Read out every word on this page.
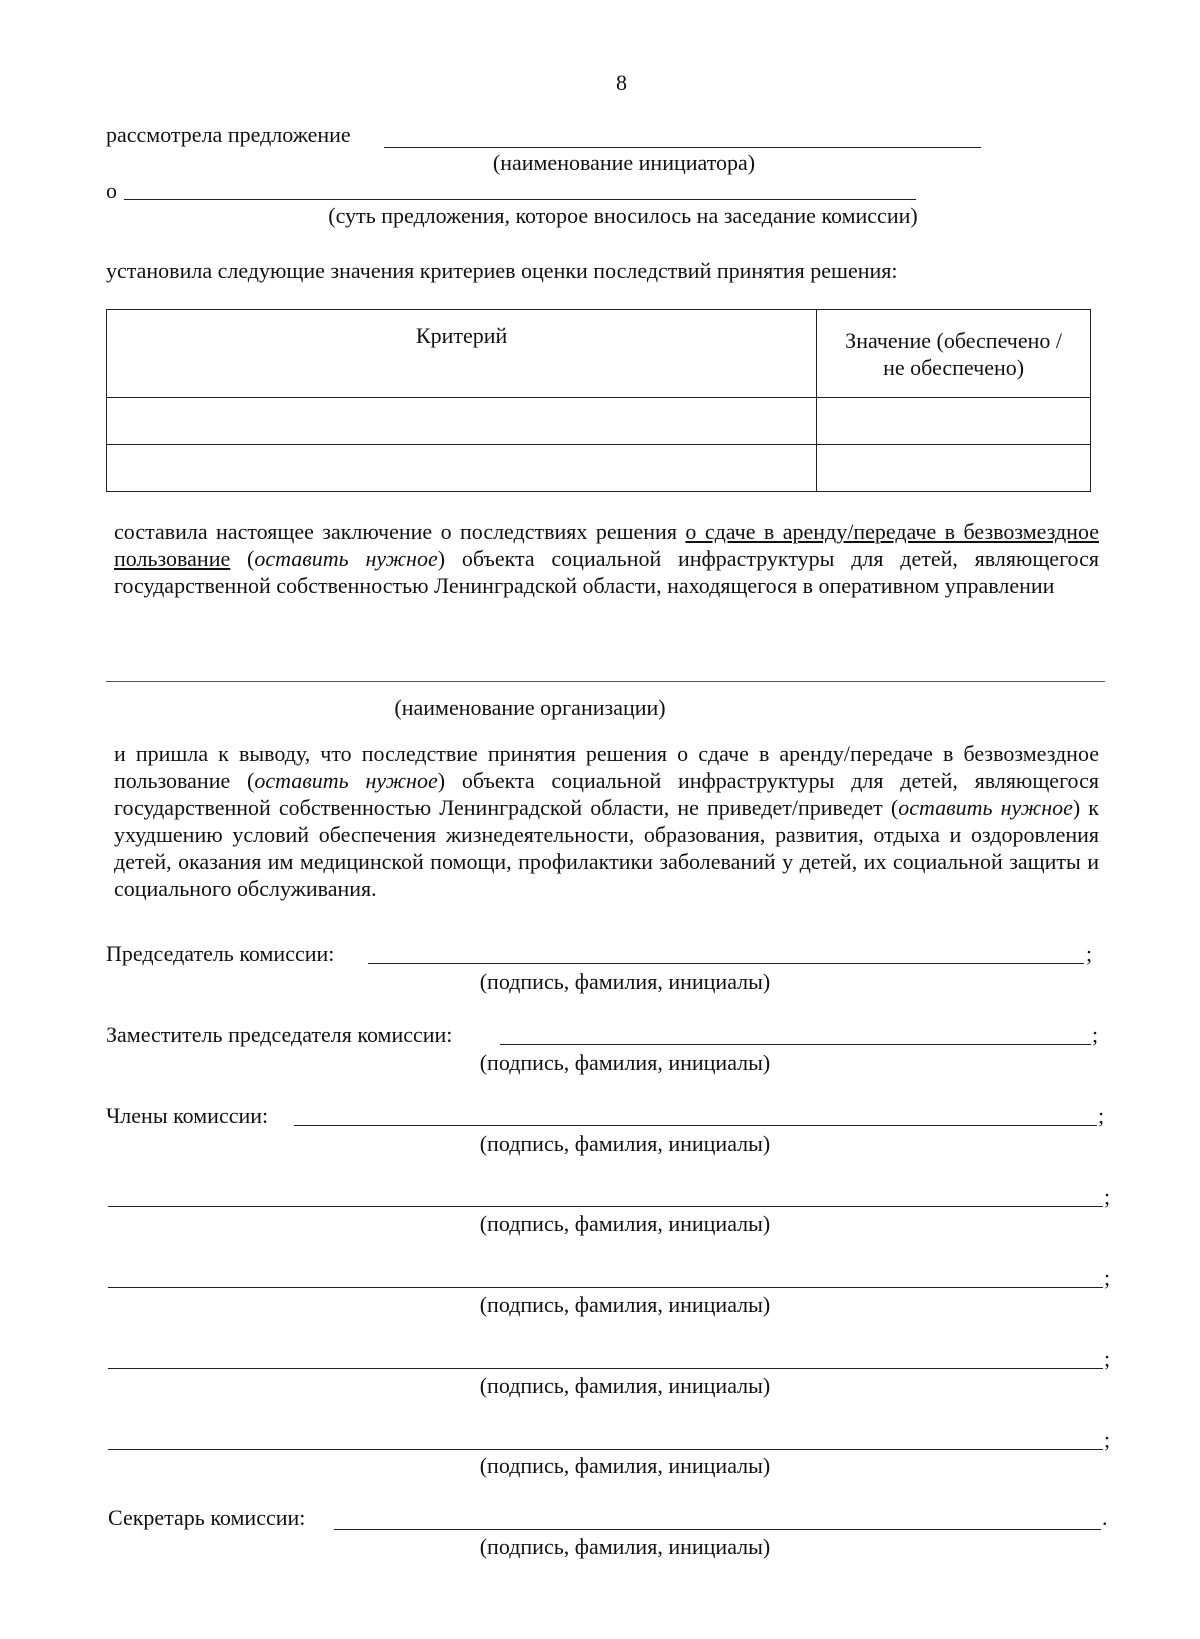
8
рассмотрела предложение
(наименование инициатора)
о
(суть предложения, которое вносилось на заседание комиссии)
установила следующие значения критериев оценки последствий принятия решения:
Критерий	Значение (обеспечено /
не обеспечено)

составила настоящее заключение о последствиях решения о сдаче в аренду/передаче в безвозмездное пользование (оставить нужное) объекта социальной инфраструктуры для детей, являющегося государственной собственностью Ленинградской области, находящегося в оперативном управлении
(наименование организации)
и пришла к выводу, что последствие принятия решения о сдаче в аренду/передаче в безвозмездное пользование (оставить нужное) объекта социальной инфраструктуры для детей, являющегося государственной собственностью Ленинградской области, не приведет/приведет (оставить нужное) к ухудшению условий обеспечения жизнедеятельности, образования, развития, отдыха и оздоровления детей, оказания им медицинской помощи, профилактики заболеваний у детей, их социальной защиты и социального обслуживания.
Председатель комиссии:	;
(подпись, фамилия, инициалы)
Заместитель председателя комиссии:	;
(подпись, фамилия, инициалы)
Члены комиссии:	;
(подпись, фамилия, инициалы)
;
(подпись, фамилия, инициалы)
;
(подпись, фамилия, инициалы)
;
(подпись, фамилия, инициалы)
;
(подпись, фамилия, инициалы)
Секретарь комиссии:	.
(подпись, фамилия, инициалы)
